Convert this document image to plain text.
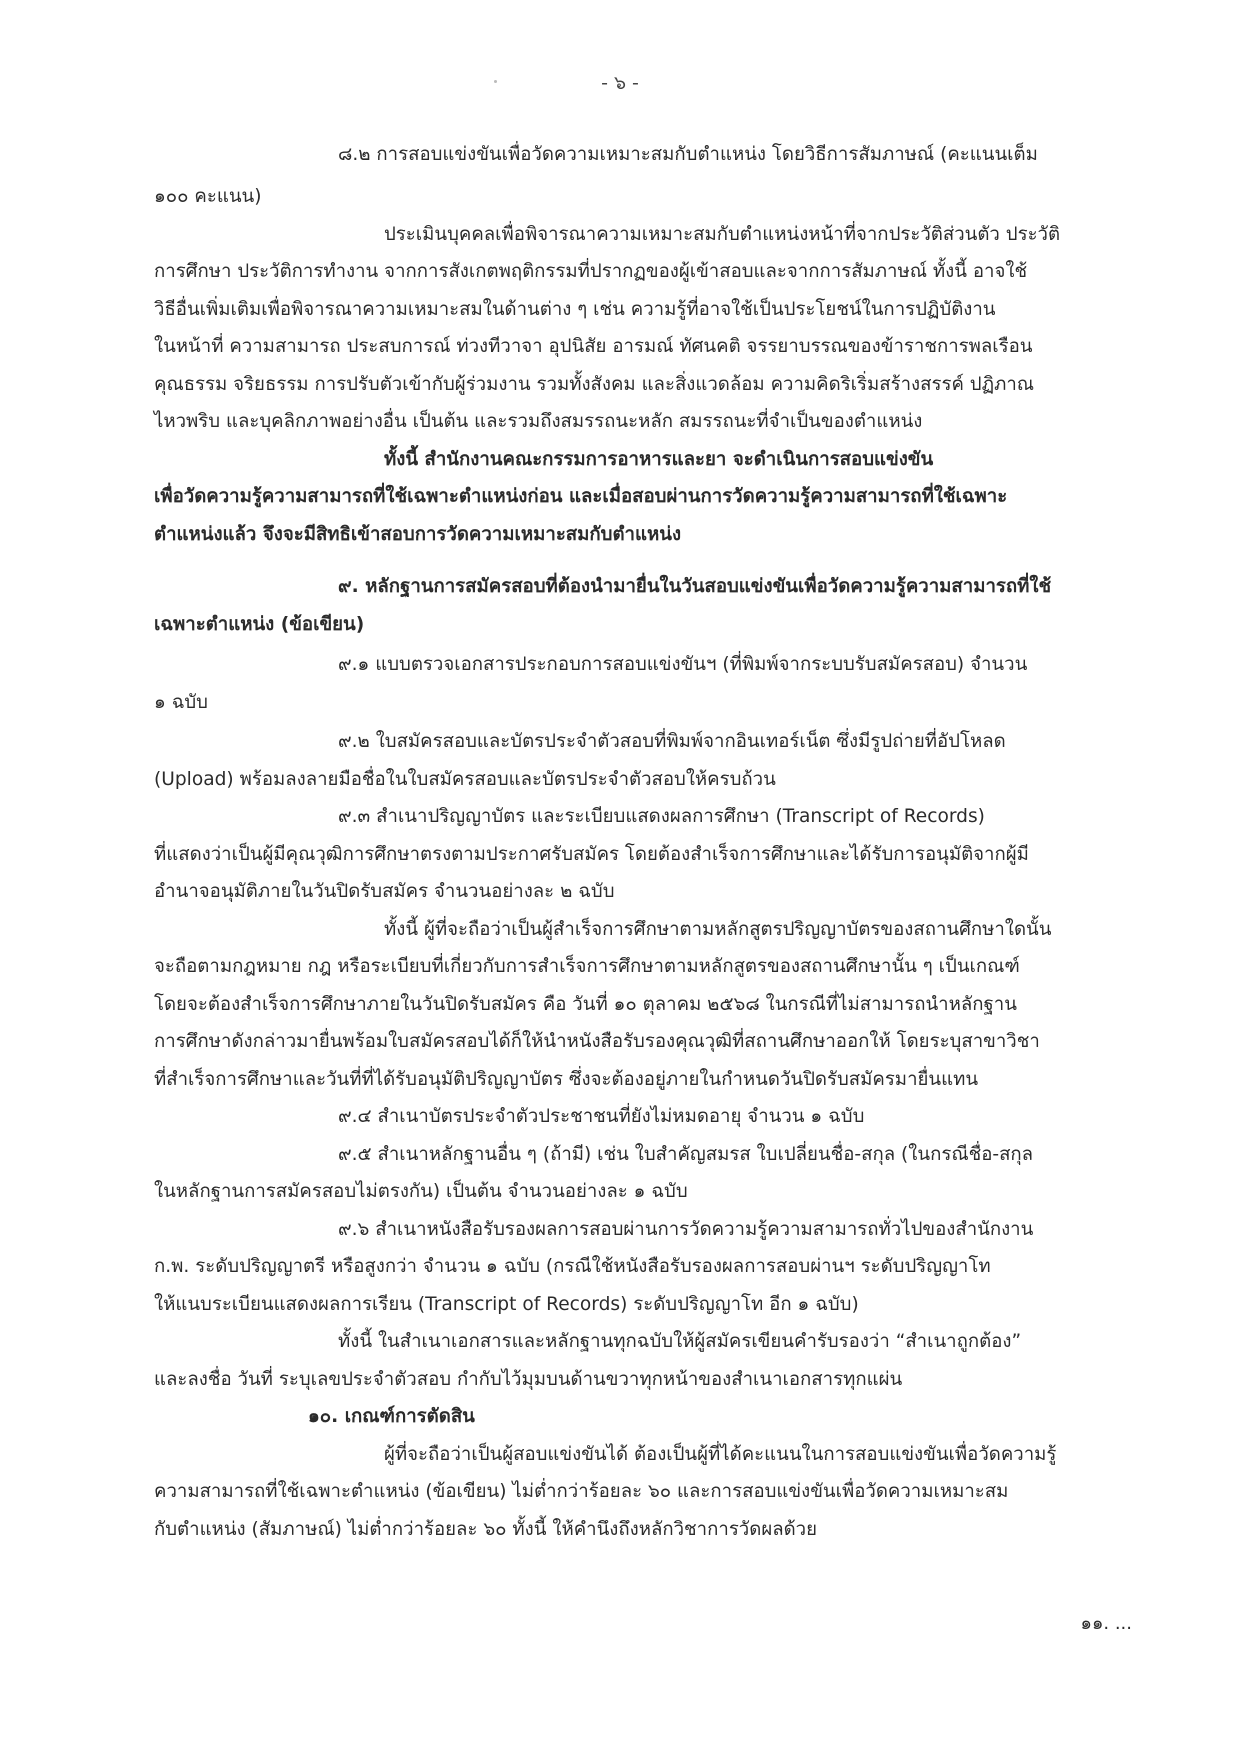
- ๖ -
๘.๒ การสอบแข่งขันเพื่อวัดความเหมาะสมกับตำแหน่ง โดยวิธีการสัมภาษณ์ (คะแนนเต็ม
๑๐๐ คะแนน)
ประเมินบุคคลเพื่อพิจารณาความเหมาะสมกับตำแหน่งหน้าที่จากประวัติส่วนตัว ประวัติ
การศึกษา ประวัติการทำงาน จากการสังเกตพฤติกรรมที่ปรากฏของผู้เข้าสอบและจากการสัมภาษณ์ ทั้งนี้ อาจใช้
วิธีอื่นเพิ่มเติมเพื่อพิจารณาความเหมาะสมในด้านต่าง ๆ เช่น ความรู้ที่อาจใช้เป็นประโยชน์ในการปฏิบัติงาน
ในหน้าที่ ความสามารถ ประสบการณ์ ท่วงทีวาจา อุปนิสัย อารมณ์ ทัศนคติ จรรยาบรรณของข้าราชการพลเรือน
คุณธรรม จริยธรรม การปรับตัวเข้ากับผู้ร่วมงาน รวมทั้งสังคม และสิ่งแวดล้อม ความคิดริเริ่มสร้างสรรค์ ปฏิภาณ
ไหวพริบ และบุคลิกภาพอย่างอื่น เป็นต้น และรวมถึงสมรรถนะหลัก สมรรถนะที่จำเป็นของตำแหน่ง
ทั้งนี้ สำนักงานคณะกรรมการอาหารและยา จะดำเนินการสอบแข่งขัน
เพื่อวัดความรู้ความสามารถที่ใช้เฉพาะตำแหน่งก่อน และเมื่อสอบผ่านการวัดความรู้ความสามารถที่ใช้เฉพาะ
ตำแหน่งแล้ว จึงจะมีสิทธิเข้าสอบการวัดความเหมาะสมกับตำแหน่ง
๙. หลักฐานการสมัครสอบที่ต้องนำมายื่นในวันสอบแข่งขันเพื่อวัดความรู้ความสามารถที่ใช้
เฉพาะตำแหน่ง (ข้อเขียน)
๙.๑ แบบตรวจเอกสารประกอบการสอบแข่งขันฯ (ที่พิมพ์จากระบบรับสมัครสอบ) จำนวน
๑ ฉบับ
๙.๒ ใบสมัครสอบและบัตรประจำตัวสอบที่พิมพ์จากอินเทอร์เน็ต ซึ่งมีรูปถ่ายที่อัปโหลด
(Upload) พร้อมลงลายมือชื่อในใบสมัครสอบและบัตรประจำตัวสอบให้ครบถ้วน
๙.๓ สำเนาปริญญาบัตร และระเบียบแสดงผลการศึกษา (Transcript of Records)
ที่แสดงว่าเป็นผู้มีคุณวุฒิการศึกษาตรงตามประกาศรับสมัคร โดยต้องสำเร็จการศึกษาและได้รับการอนุมัติจากผู้มี
อำนาจอนุมัติภายในวันปิดรับสมัคร จำนวนอย่างละ ๒ ฉบับ
ทั้งนี้ ผู้ที่จะถือว่าเป็นผู้สำเร็จการศึกษาตามหลักสูตรปริญญาบัตรของสถานศึกษาใดนั้น
จะถือตามกฎหมาย กฎ หรือระเบียบที่เกี่ยวกับการสำเร็จการศึกษาตามหลักสูตรของสถานศึกษานั้น ๆ เป็นเกณฑ์
โดยจะต้องสำเร็จการศึกษาภายในวันปิดรับสมัคร คือ วันที่ ๑๐ ตุลาคม ๒๕๖๘ ในกรณีที่ไม่สามารถนำหลักฐาน
การศึกษาดังกล่าวมายื่นพร้อมใบสมัครสอบได้ก็ให้นำหนังสือรับรองคุณวุฒิที่สถานศึกษาออกให้ โดยระบุสาขาวิชา
ที่สำเร็จการศึกษาและวันที่ที่ได้รับอนุมัติปริญญาบัตร ซึ่งจะต้องอยู่ภายในกำหนดวันปิดรับสมัครมายื่นแทน
๙.๔ สำเนาบัตรประจำตัวประชาชนที่ยังไม่หมดอายุ จำนวน ๑ ฉบับ
๙.๕ สำเนาหลักฐานอื่น ๆ (ถ้ามี) เช่น ใบสำคัญสมรส ใบเปลี่ยนชื่อ-สกุล (ในกรณีชื่อ-สกุล
ในหลักฐานการสมัครสอบไม่ตรงกัน) เป็นต้น จำนวนอย่างละ ๑ ฉบับ
๙.๖ สำเนาหนังสือรับรองผลการสอบผ่านการวัดความรู้ความสามารถทั่วไปของสำนักงาน
ก.พ. ระดับปริญญาตรี หรือสูงกว่า จำนวน ๑ ฉบับ (กรณีใช้หนังสือรับรองผลการสอบผ่านฯ ระดับปริญญาโท
ให้แนบระเบียนแสดงผลการเรียน (Transcript of Records) ระดับปริญญาโท อีก ๑ ฉบับ)
ทั้งนี้ ในสำเนาเอกสารและหลักฐานทุกฉบับให้ผู้สมัครเขียนคำรับรองว่า “สำเนาถูกต้อง”
และลงชื่อ วันที่ ระบุเลขประจำตัวสอบ กำกับไว้มุมบนด้านขวาทุกหน้าของสำเนาเอกสารทุกแผ่น
๑๐. เกณฑ์การตัดสิน
ผู้ที่จะถือว่าเป็นผู้สอบแข่งขันได้ ต้องเป็นผู้ที่ได้คะแนนในการสอบแข่งขันเพื่อวัดความรู้
ความสามารถที่ใช้เฉพาะตำแหน่ง (ข้อเขียน) ไม่ต่ำกว่าร้อยละ ๖๐ และการสอบแข่งขันเพื่อวัดความเหมาะสม
กับตำแหน่ง (สัมภาษณ์) ไม่ต่ำกว่าร้อยละ ๖๐ ทั้งนี้ ให้คำนึงถึงหลักวิชาการวัดผลด้วย
๑๑. ...
